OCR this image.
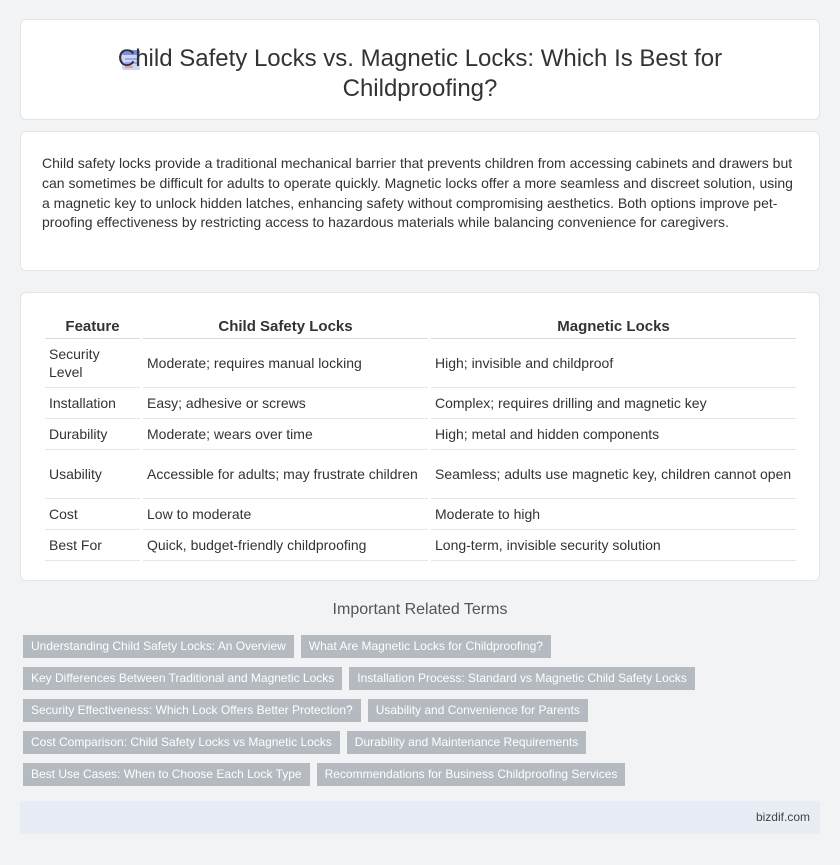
Child Safety Locks vs. Magnetic Locks: Which Is Best for Childproofing?

Child safety locks provide a traditional mechanical barrier that prevents children from accessing cabinets and drawers but can sometimes be difficult for adults to operate quickly. Magnetic locks offer a more seamless and discreet solution, using a magnetic key to unlock hidden latches, enhancing safety without compromising aesthetics. Both options improve pet-proofing effectiveness by restricting access to hazardous materials while balancing convenience for caregivers.

Feature	Child Safety Locks	Magnetic Locks
Security Level	Moderate; requires manual locking	High; invisible and childproof
Installation	Easy; adhesive or screws	Complex; requires drilling and magnetic key
Durability	Moderate; wears over time	High; metal and hidden components
Usability	Accessible for adults; may frustrate children	Seamless; adults use magnetic key, children cannot open
Cost	Low to moderate	Moderate to high
Best For	Quick, budget-friendly childproofing	Long-term, invisible security solution
Important Related Terms
Understanding Child Safety Locks: An Overview	What Are Magnetic Locks for Childproofing?
Key Differences Between Traditional and Magnetic Locks	Installation Process: Standard vs Magnetic Child Safety Locks
Security Effectiveness: Which Lock Offers Better Protection?	Usability and Convenience for Parents
Cost Comparison: Child Safety Locks vs Magnetic Locks	Durability and Maintenance Requirements
Best Use Cases: When to Choose Each Lock Type	Recommendations for Business Childproofing Services
bizdif.com
